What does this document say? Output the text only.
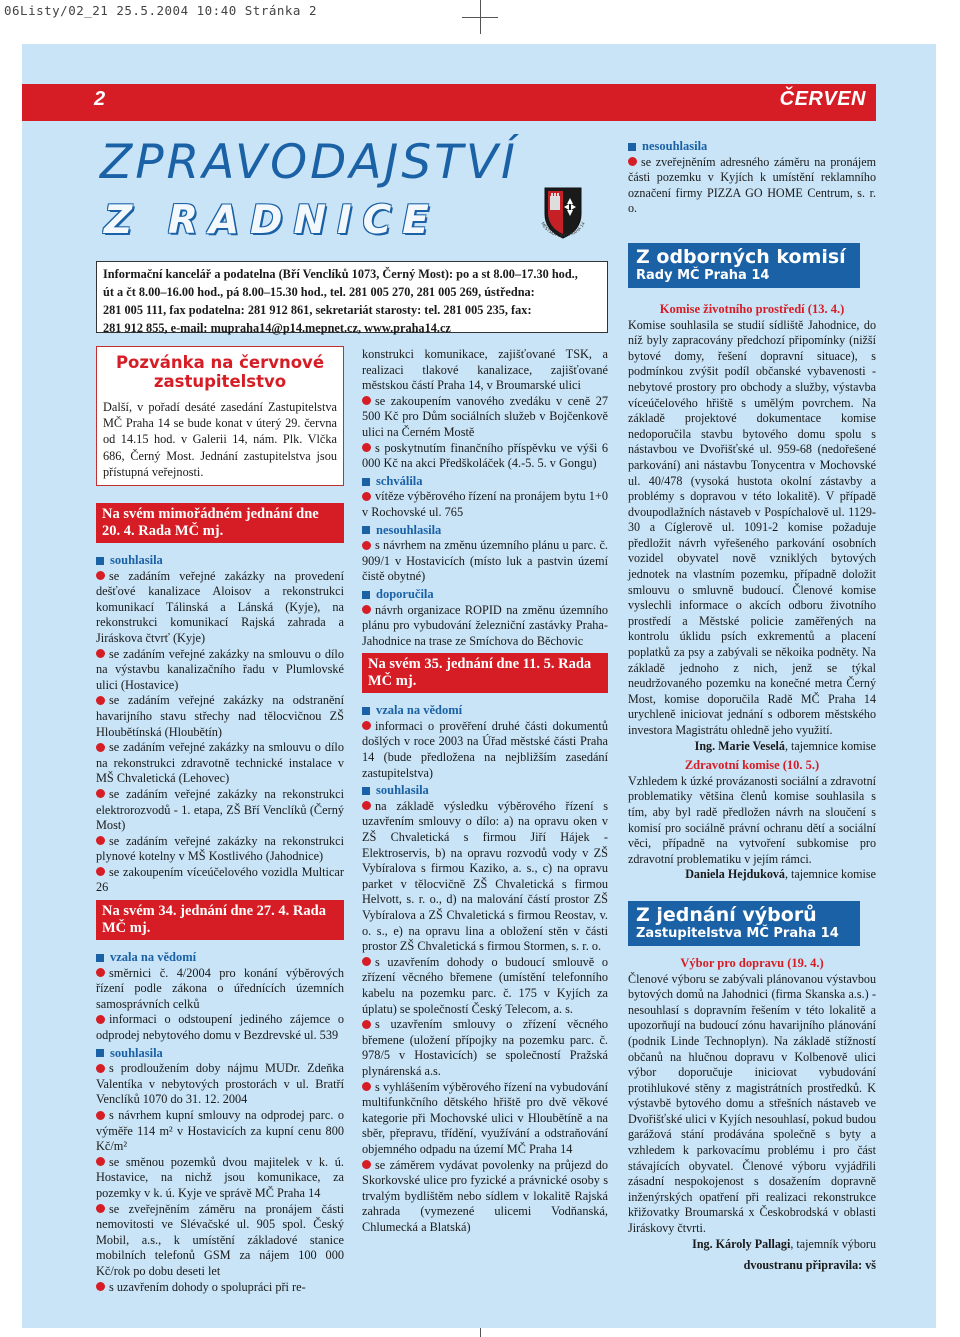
06Listy/02_21 25.5.2004 10:40 Stránka 2
2	ČERVEN
ZPRAVODAJSTVÍ
Z RADNICE	MĚSTSKÁ ČÁST PRAHA 14
Informační kancelář a podatelna (Bří Venclíků 1073, Černý Most): po a st 8.00–17.30 hod.,
út a čt 8.00–16.00 hod., pá 8.00–15.30 hod., tel. 281 005 270, 281 005 269, ústředna:
281 005 111, fax podatelna: 281 912 861, sekretariát starosty: tel. 281 005 235, fax:
281 912 855, e-mail: mupraha14@p14.mepnet.cz, www.praha14.cz
Pozvánka na červnové zastupitelstvo
Další, v pořadí desáté zasedání Zastupitelstva MČ Praha 14 se bude konat v úterý 29. června od 14.15 hod. v Galerii 14, nám. Plk. Vlčka 686, Černý Most. Jednání zastupitelstva jsou přístupná veřejnosti.
Na svém mimořádném jednání dne 20. 4. Rada MČ mj.
souhlasila
se zadáním veřejné zakázky na provedení dešťové kanalizace Aloisov a rekonstrukci komunikací Tálinská a Lánská (Kyje), na rekonstrukci komunikací Rajská zahrada a Jiráskova čtvrť (Kyje)
se zadáním veřejné zakázky na smlouvu o dílo na výstavbu kanalizačního řadu v Plumlovské ulici (Hostavice)
se zadáním veřejné zakázky na odstranění havarijního stavu střechy nad tělocvičnou ZŠ Hloubětínská (Hloubětín)
se zadáním veřejné zakázky na smlouvu o dílo na rekonstrukci zdravotně technické instalace v MŠ Chvaletická (Lehovec)
se zadáním veřejné zakázky na rekonstrukci elektrorozvodů - 1. etapa, ZŠ Bří Venclíků (Černý Most)
se zadáním veřejné zakázky na rekonstrukci plynové kotelny v MŠ Kostlivého (Jahodnice)
se zakoupením víceúčelového vozidla Multicar 26
Na svém 34. jednání dne 27. 4. Rada MČ mj.
vzala na vědomí
směrnici č. 4/2004 pro konání výběrových řízení podle zákona o úřednících územních samosprávních celků
informaci o odstoupení jediného zájemce o odprodej nebytového domu v Bezdrevské ul. 539
souhlasila
s prodloužením doby nájmu MUDr. Zdeňka Valentíka v nebytových prostorách v ul. Bratří Venclíků 1070 do 31. 12. 2004
s návrhem kupní smlouvy na odprodej parc. o výměře 114 m² v Hostavicích za kupní cenu 800 Kč/m²
se směnou pozemků dvou majitelek v k. ú. Hostavice, na nichž jsou komunikace, za pozemky v k. ú. Kyje ve správě MČ Praha 14
se zveřejněním záměru na pronájem části nemovitosti ve Slévačské ul. 905 spol. Český Mobil, a.s., k umístění základové stanice mobilních telefonů GSM za nájem 100 000 Kč/rok po dobu deseti let
s uzavřením dohody o spolupráci při re-
konstrukci komunikace, zajišťované TSK, a realizaci tlakové kanalizace, zajišťované městskou částí Praha 14, v Broumarské ulici
se zakoupením vanového zvedáku v ceně 27 500 Kč pro Dům sociálních služeb v Bojčenkově ulici na Černém Mostě
s poskytnutím finančního příspěvku ve výši 6 000 Kč na akci Předškoláček (4.-5. 5. v Gongu)
schválila
vítěze výběrového řízení na pronájem bytu 1+0 v Rochovské ul. 765
nesouhlasila
s návrhem na změnu územního plánu u parc. č. 909/1 v Hostavicích (místo luk a pastvin území čistě obytné)
doporučila
návrh organizace ROPID na změnu územního plánu pro vybudování železniční zastávky Praha-Jahodnice na trase ze Smíchova do Běchovic
Na svém 35. jednání dne 11. 5. Rada MČ mj.
vzala na vědomí
informaci o prověření druhé části dokumentů došlých v roce 2003 na Úřad městské části Praha 14 (bude předložena na nejbližším zasedání zastupitelstva)
souhlasila
na základě výsledku výběrového řízení s uzavřením smlouvy o dílo: a) na opravu oken v ZŠ Chvaletická s firmou Jiří Hájek - Elektroservis, b) na opravu rozvodů vody v ZŠ Vybíralova s firmou Kaziko, a. s., c) na opravu parket v tělocvičně ZŠ Chvaletická s firmou Helvott, s. r. o., d) na malování částí prostor ZŠ Vybíralova a ZŠ Chvaletická s firmou Reostav, v. o. s., e) na opravu lina a obložení stěn v části prostor ZŠ Chvaletická s firmou Stormen, s. r. o.
s uzavřením dohody o budoucí smlouvě o zřízení věcného břemene (umístění telefonního kabelu na pozemku parc. č. 175 v Kyjích za úplatu) se společností Český Telecom, a. s.
s uzavřením smlouvy o zřízení věcného břemene (uložení přípojky na pozemku parc. č. 978/5 v Hostavicích) se společností Pražská plynárenská a.s.
s vyhlášením výběrového řízení na vybudování multifunkčního dětského hřiště pro dvě věkové kategorie při Mochovské ulici v Hloubětíně a na sběr, přepravu, třídění, využívání a odstraňování objemného odpadu na území MČ Praha 14
se záměrem vydávat povolenky na průjezd do Skorkovské ulice pro fyzické a právnické osoby s trvalým bydlištěm nebo sídlem v lokalitě Rajská zahrada (vymezené ulicemi Vodňanská, Chlumecká a Blatská)
nesouhlasila
se zveřejněním adresného záměru na pronájem části pozemku v Kyjích k umístění reklamního označení firmy PIZZA GO HOME Centrum, s. r. o.
Z odborných komisí
Rady MČ Praha 14
Komise životního prostředí (13. 4.)
Komise souhlasila se studií sídliště Jahodnice, do níž byly zapracovány předchozí připomínky (nižší bytové domy, řešení dopravní situace), s podmínkou zvýšit podíl občanské vybavenosti - nebytové prostory pro obchody a služby, výstavba víceúčelového hřiště s umělým povrchem. Na základě projektové dokumentace komise nedoporučila stavbu bytového domu spolu s nástavbou ve Dvořišťské ul. 959-68 (nedořešené parkování) ani nástavbu Tonycentra v Mochovské ul. 40/478 (vysoká hustota okolní zástavby a problémy s dopravou v této lokalitě). V případě dvoupodlažních nástaveb v Pospíchalově ul. 1129-30 a Cíglerově ul. 1091-2 komise požaduje předložit návrh vyřešeného parkování osobních vozidel obyvatel nově vzniklých bytových jednotek na vlastním pozemku, případně doložit smlouvu o smluvně budoucí. Členové komise vyslechli informace o akcích odboru životního prostředí a Městské policie zaměřených na kontrolu úklidu psích exkrementů a placení poplatků za psy a zabývali se někoika podněty. Na základě jednoho z nich, jenž se týkal neudržovaného pozemku na konečné metra Černý Most, komise doporučila Radě MČ Praha 14 urychleně iniciovat jednání s odborem městského investora Magistrátu ohledně jeho využití.
Ing. Marie Veselá, tajemnice komise
Zdravotní komise (10. 5.)
Vzhledem k úzké provázanosti sociální a zdravotní problematiky většina členů komise souhlasila s tím, aby byl radě předložen návrh na sloučení s komisí pro sociálně právní ochranu dětí a sociální věci, případně na vytvoření subkomise pro zdravotní problematiku v jejím rámci.
Daniela Hejduková, tajemnice komise
Z jednání výborů
Zastupitelstva MČ Praha 14
Výbor pro dopravu (19. 4.)
Členové výboru se zabývali plánovanou výstavbou bytových domů na Jahodnici (firma Skanska a.s.) - nesouhlasí s dopravním řešením v této lokalitě a upozorňují na budoucí zónu havarijního plánování (podnik Linde Technoplyn). Na základě stížností občanů na hlučnou dopravu v Kolbenově ulici výbor doporučuje iniciovat vybudování protihlukové stěny z magistrátních prostředků. K výstavbě bytového domu a střešních nástaveb ve Dvořišťské ulici v Kyjích nesouhlasí, pokud budou garážová stání prodávána společně s byty a vzhledem k parkovacímu problému i pro část stávajících obyvatel. Členové výboru vyjádřili zásadní nespokojenost s dosažením dopravně inženýrských opatření při realizaci rekonstrukce křižovatky Broumarská x Českobrodská v oblasti Jiráskovy čtvrti.
Ing. Károly Pallagi, tajemník výboru
dvoustranu připravila: vš
